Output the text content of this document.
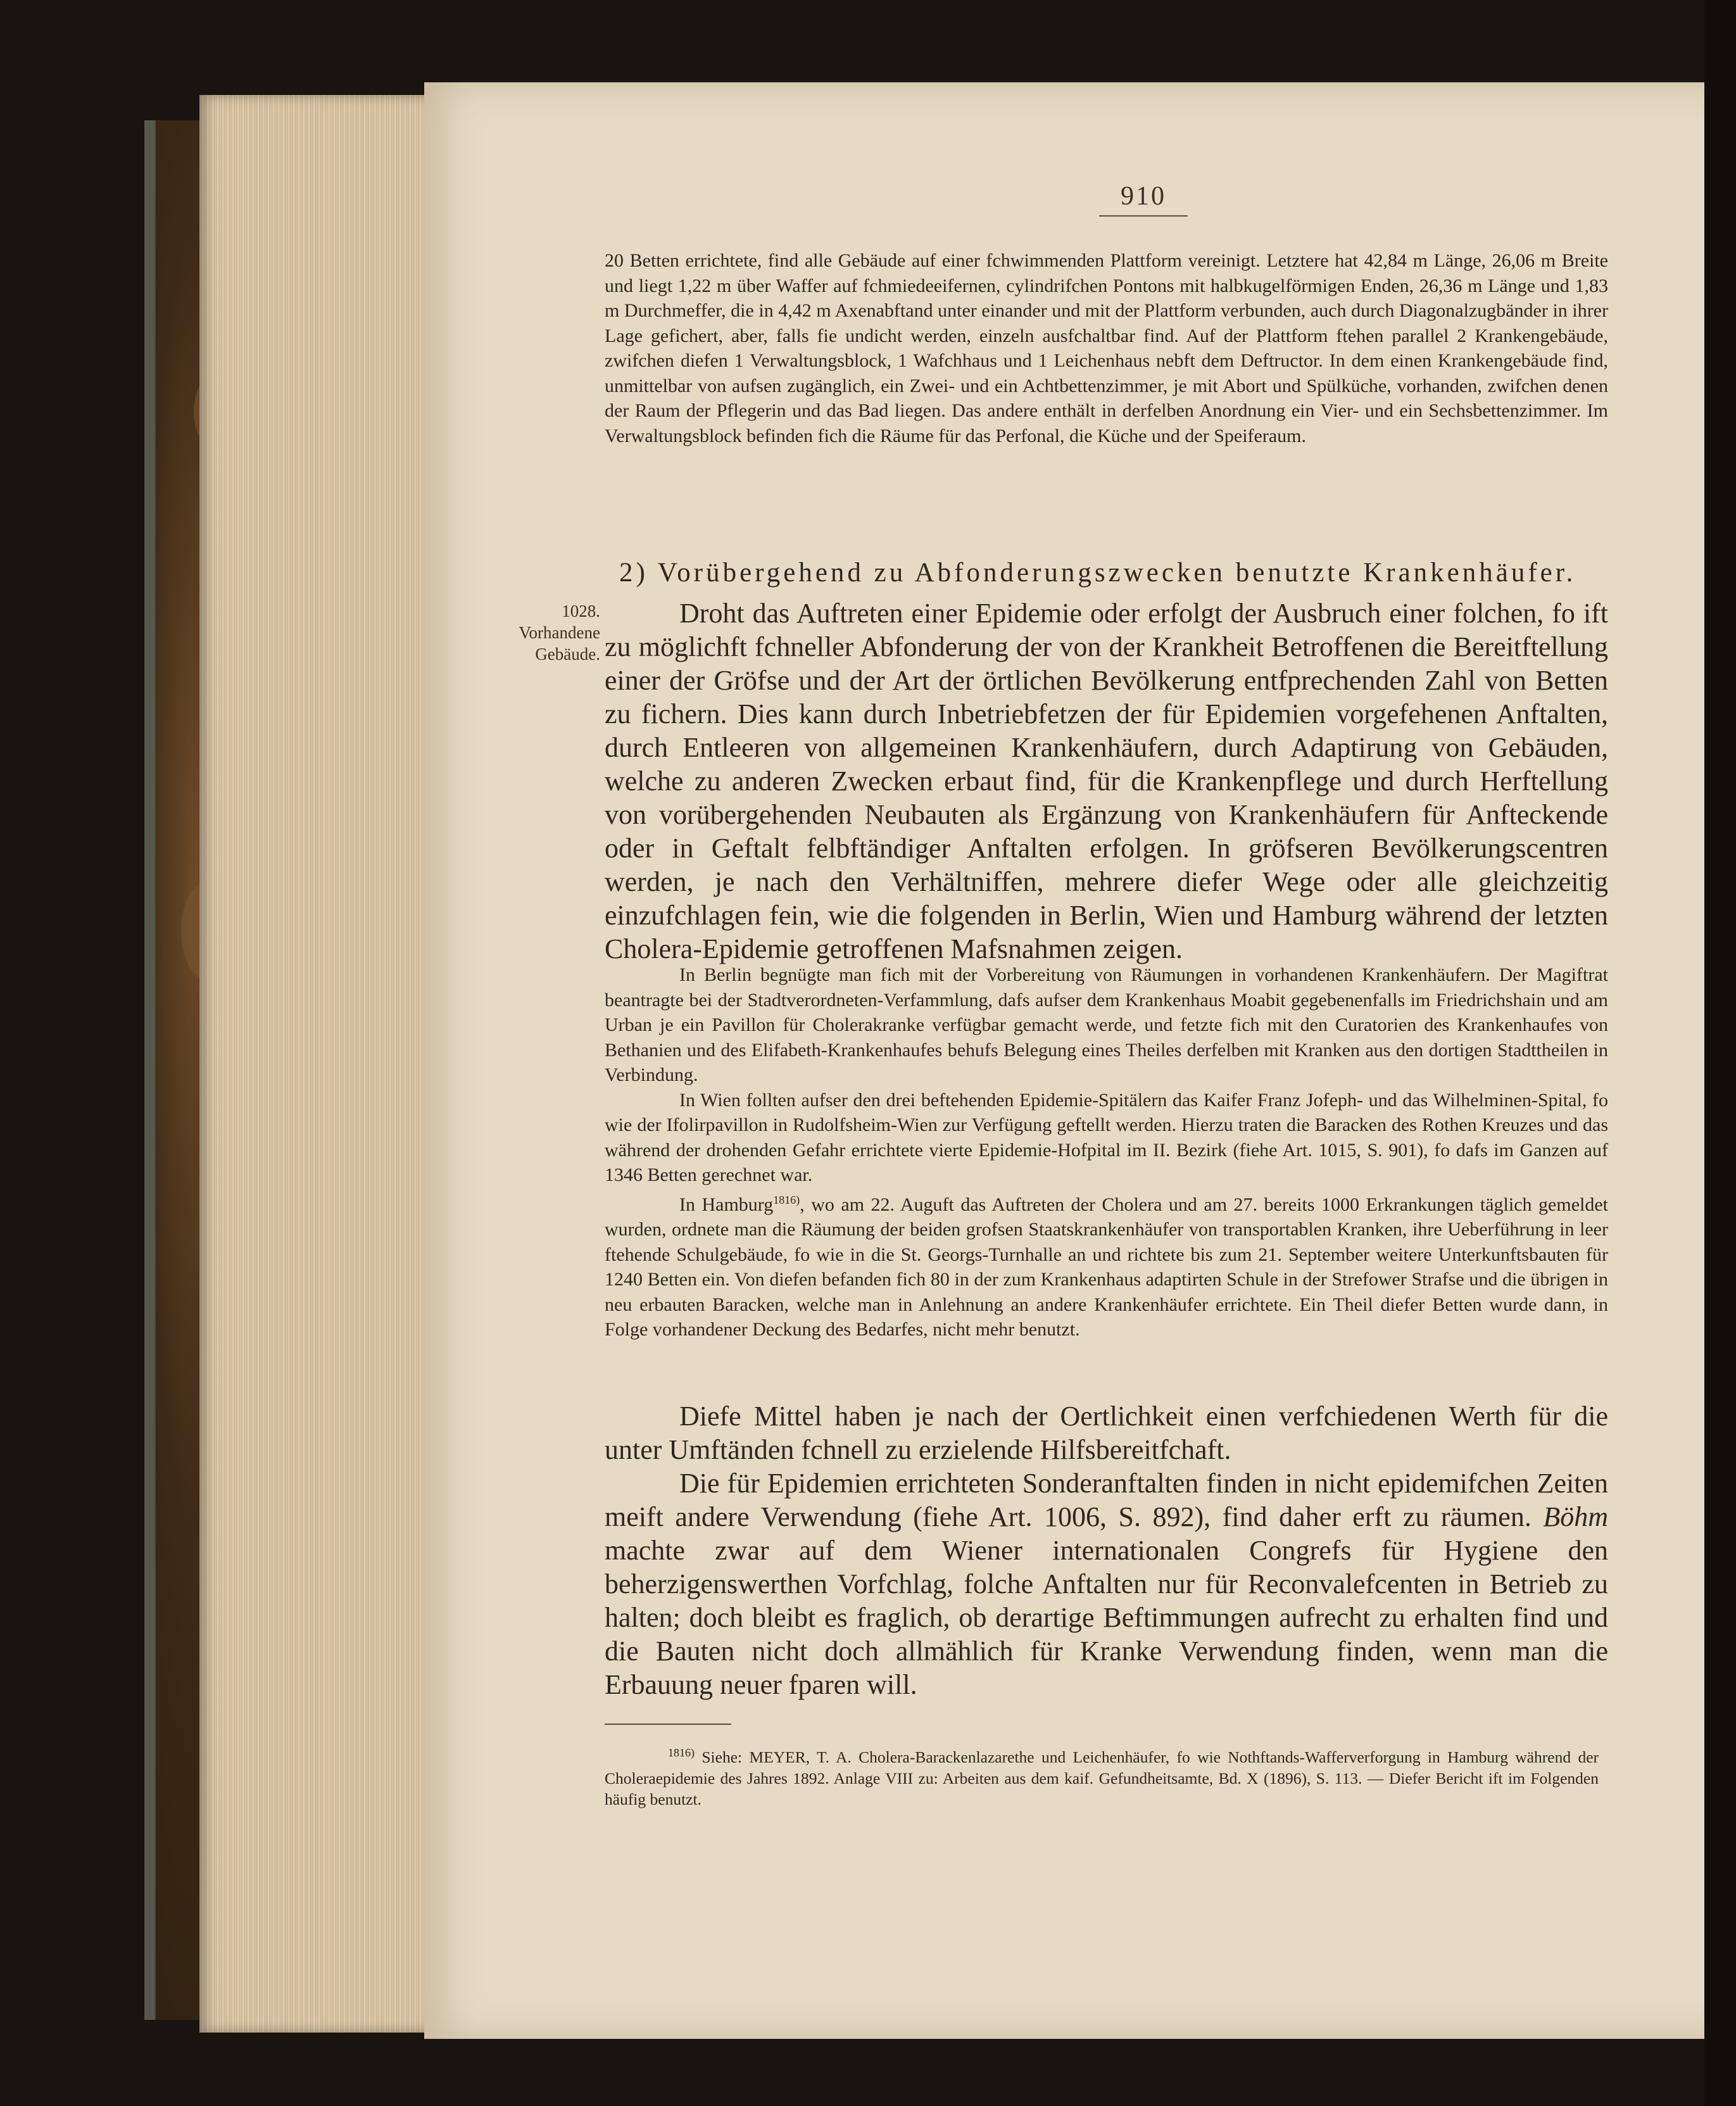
910

20 Betten errichtete, find alle Gebäude auf einer fchwimmenden Plattform vereinigt. Letztere hat 42,84 m Länge, 26,06 m Breite und liegt 1,22 m über Waffer auf fchmiedeeifernen, cylindrifchen Pontons mit halbkugelförmigen Enden, 26,36 m Länge und 1,83 m Durchmeffer, die in 4,42 m Axenabftand unter einander und mit der Plattform verbunden, auch durch Diagonalzugbänder in ihrer Lage gefichert, aber, falls fie undicht werden, einzeln ausfchaltbar find. Auf der Plattform ftehen parallel 2 Krankengebäude, zwifchen diefen 1 Verwaltungsblock, 1 Wafchhaus und 1 Leichenhaus nebft dem Deftructor. In dem einen Krankengebäude find, unmittelbar von aufsen zugänglich, ein Zwei- und ein Achtbettenzimmer, je mit Abort und Spülküche, vorhanden, zwifchen denen der Raum der Pflegerin und das Bad liegen. Das andere enthält in derfelben Anordnung ein Vier- und ein Sechsbettenzimmer. Im Verwaltungsblock befinden fich die Räume für das Perfonal, die Küche und der Speiferaum.

2) Vorübergehend zu Abfonderungszwecken benutzte Krankenhäufer.
1028.
Vorhandene
Gebäude.

Droht das Auftreten einer Epidemie oder erfolgt der Ausbruch einer folchen, fo ift zu möglichft fchneller Abfonderung der von der Krankheit Betroffenen die Bereitftellung einer der Gröfse und der Art der örtlichen Bevölkerung entfprechenden Zahl von Betten zu fichern. Dies kann durch Inbetriebfetzen der für Epidemien vorgefehenen Anftalten, durch Entleeren von allgemeinen Krankenhäufern, durch Adaptirung von Gebäuden, welche zu anderen Zwecken erbaut find, für die Krankenpflege und durch Herftellung von vorübergehenden Neubauten als Ergänzung von Krankenhäufern für Anfteckende oder in Geftalt felbftändiger Anftalten erfolgen. In gröfseren Bevölkerungscentren werden, je nach den Verhältniffen, mehrere diefer Wege oder alle gleichzeitig einzufchlagen fein, wie die folgenden in Berlin, Wien und Hamburg während der letzten Cholera-Epidemie getroffenen Mafsnahmen zeigen.

In Berlin begnügte man fich mit der Vorbereitung von Räumungen in vorhandenen Krankenhäufern. Der Magiftrat beantragte bei der Stadtverordneten-Verfammlung, dafs aufser dem Krankenhaus Moabit gegebenenfalls im Friedrichshain und am Urban je ein Pavillon für Cholerakranke verfügbar gemacht werde, und fetzte fich mit den Curatorien des Krankenhaufes von Bethanien und des Elifabeth-Krankenhaufes behufs Belegung eines Theiles derfelben mit Kranken aus den dortigen Stadttheilen in Verbindung.

In Wien follten aufser den drei beftehenden Epidemie-Spitälern das Kaifer Franz Jofeph- und das Wilhelminen-Spital, fo wie der Ifolirpavillon in Rudolfsheim-Wien zur Verfügung geftellt werden. Hierzu traten die Baracken des Rothen Kreuzes und das während der drohenden Gefahr errichtete vierte Epidemie-Hofpital im II. Bezirk (fiehe Art. 1015, S. 901), fo dafs im Ganzen auf 1346 Betten gerechnet war.

In Hamburg$^{1816)}$, wo am 22. Auguft das Auftreten der Cholera und am 27. bereits 1000 Erkrankungen täglich gemeldet wurden, ordnete man die Räumung der beiden grofsen Staatskrankenhäufer von transportablen Kranken, ihre Ueberführung in leer ftehende Schulgebäude, fo wie in die St. Georgs-Turnhalle an und richtete bis zum 21. September weitere Unterkunftsbauten für 1240 Betten ein. Von diefen befanden fich 80 in der zum Krankenhaus adaptirten Schule in der Strefower Strafse und die übrigen in neu erbauten Baracken, welche man in Anlehnung an andere Krankenhäufer errichtete. Ein Theil diefer Betten wurde dann, in Folge vorhandener Deckung des Bedarfes, nicht mehr benutzt.

Diefe Mittel haben je nach der Oertlichkeit einen verfchiedenen Werth für die unter Umftänden fchnell zu erzielende Hilfsbereitfchaft.

Die für Epidemien errichteten Sonderanftalten finden in nicht epidemifchen Zeiten meift andere Verwendung (fiehe Art. 1006, S. 892), find daher erft zu räumen. Böhm machte zwar auf dem Wiener internationalen Congrefs für Hygiene den beherzigenswerthen Vorfchlag, folche Anftalten nur für Reconvalefcenten in Betrieb zu halten; doch bleibt es fraglich, ob derartige Beftimmungen aufrecht zu erhalten find und die Bauten nicht doch allmählich für Kranke Verwendung finden, wenn man die Erbauung neuer fparen will.

$^{1816)}$ Siehe: MEYER, T. A. Cholera-Barackenlazarethe und Leichenhäufer, fo wie Nothftands-Wafferverforgung in Hamburg während der Choleraepidemie des Jahres 1892. Anlage VIII zu: Arbeiten aus dem kaif. Gefundheitsamte, Bd. X (1896), S. 113. — Diefer Bericht ift im Folgenden häufig benutzt.
